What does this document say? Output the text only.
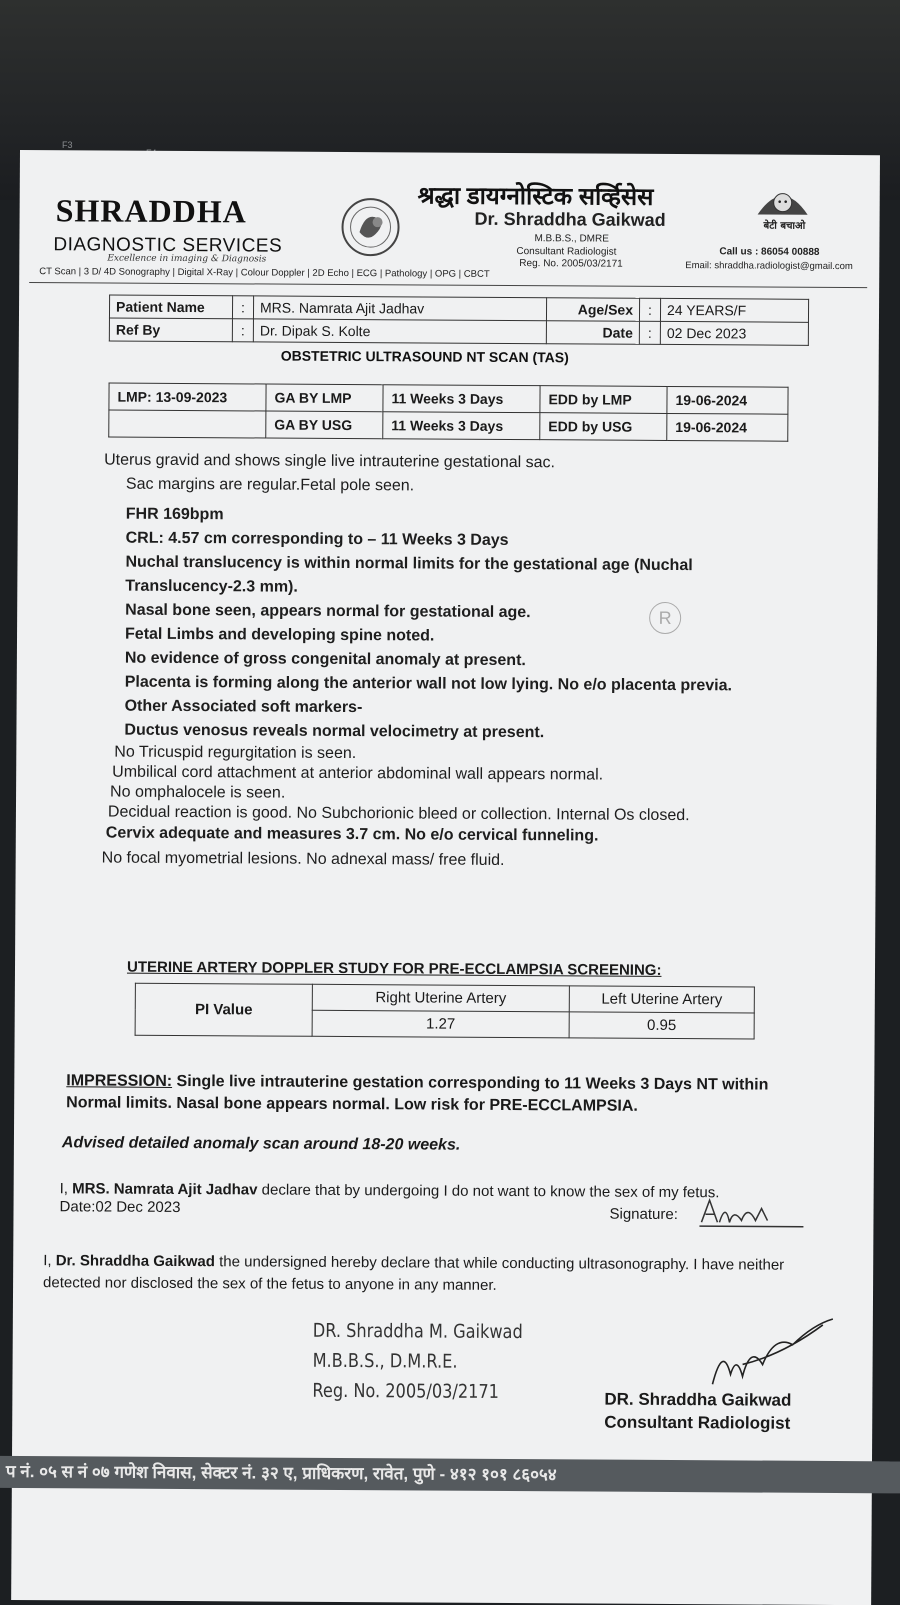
F3
SHRADDHA
DIAGNOSTIC SERVICES
Excellence in imaging & Diagnosis
CT Scan | 3 D/ 4D Sonography | Digital X-Ray | Colour Doppler | 2D Echo | ECG | Pathology | OPG | CBCT
श्रद्धा डायग्नोस्टिक सर्व्हिसेस
Dr. Shraddha Gaikwad
M.B.B.S., DMRE
Consultant Radiologist
Reg. No. 2005/03/2171
बेटी बचाओ
Call us : 86054 00888
Email: shraddha.radiologist@gmail.com
Patient Name	:	MRS. Namrata Ajit Jadhav	Age/Sex	:	24 YEARS/F
Ref By	:	Dr. Dipak S. Kolte	Date	:	02 Dec 2023
OBSTETRIC ULTRASOUND NT SCAN (TAS)
LMP: 13-09-2023	GA BY LMP	11 Weeks 3 Days	EDD by LMP	19-06-2024
	GA BY USG	11 Weeks 3 Days	EDD by USG	19-06-2024

Uterus gravid and shows single live intrauterine gestational sac.

Sac margins are regular.Fetal pole seen.

FHR 169bpm

CRL: 4.57 cm corresponding to – 11 Weeks 3 Days

Nuchal translucency is within normal limits for the gestational age (Nuchal Translucency-2.3 mm).

Nasal bone seen, appears normal for gestational age.

Fetal Limbs and developing spine noted.

No evidence of gross congenital anomaly at present.

Placenta is forming along the anterior wall not low lying. No e/o placenta previa.

Other Associated soft markers-

Ductus venosus reveals normal velocimetry at present.

No Tricuspid regurgitation is seen.

Umbilical cord attachment at anterior abdominal wall appears normal.

No omphalocele is seen.

Decidual reaction is good. No Subchorionic bleed or collection. Internal Os closed.

Cervix adequate and measures 3.7 cm. No e/o cervical funneling.

No focal myometrial lesions. No adnexal mass/ free fluid.

R
UTERINE ARTERY DOPPLER STUDY FOR PRE-ECCLAMPSIA SCREENING:
PI Value	Right Uterine Artery	Left Uterine Artery
	1.27	0.95
IMPRESSION: Single live intrauterine gestation corresponding to 11 Weeks 3 Days NT within Normal limits. Nasal bone appears normal. Low risk for PRE-ECCLAMPSIA.
Advised detailed anomaly scan around 18-20 weeks.
I, MRS. Namrata Ajit Jadhav declare that by undergoing I do not want to know the sex of my fetus.
Date:02 Dec 2023	Signature:
I, Dr. Shraddha Gaikwad the undersigned hereby declare that while conducting ultrasonography. I have neither detected nor disclosed the sex of the fetus to anyone in any manner.
DR. Shraddha M. Gaikwad
M.B.B.S., D.M.R.E.
Reg. No. 2005/03/2171	DR. Shraddha Gaikwad
Consultant Radiologist
प नं. ०५ स नं ०७ गणेश निवास, सेक्टर नं. ३२ ए, प्राधिकरण, रावेत, पुणे - ४१२ १०१ ८६०५४
